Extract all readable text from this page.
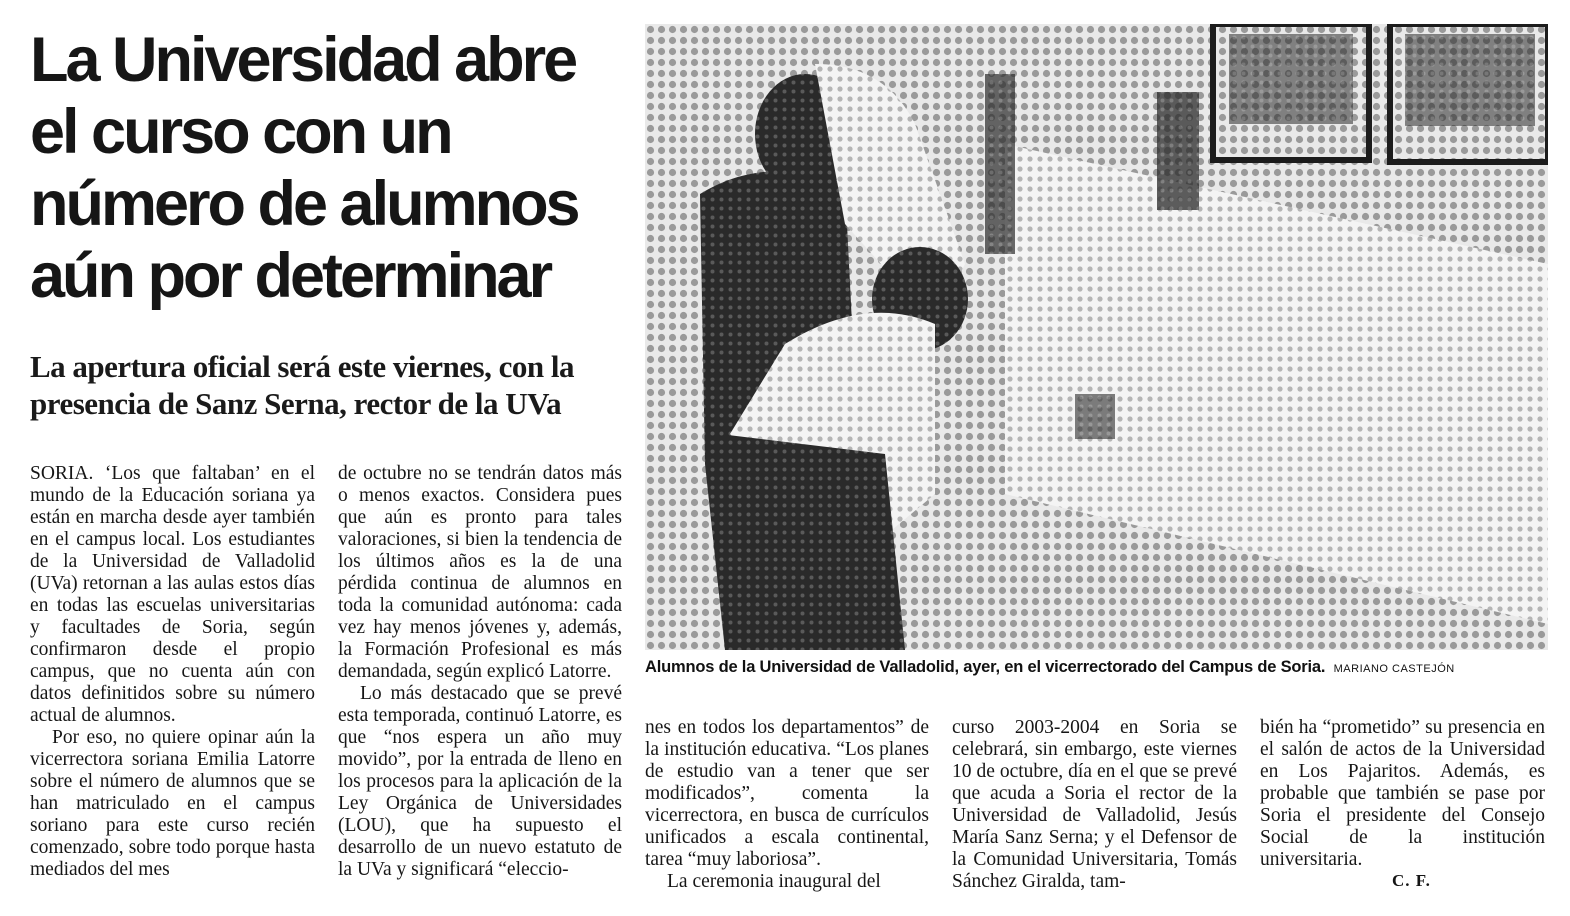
La Universidad abre
el curso con un
número de alumnos
aún por determinar
La apertura oficial será este viernes, con la
presencia de Sanz Serna, rector de la UVa
Alumnos de la Universidad de Valladolid, ayer, en el vicerrectorado del Campus de Soria. MARIANO CASTEJÓN

SORIA. ‘Los que faltaban’ en el mundo de la Educación soriana ya están en marcha desde ayer también en el campus local. Los estudiantes de la Universidad de Valladolid (UVa) retornan a las aulas estos días en todas las escuelas universitarias y facultades de Soria, según confirmaron desde el propio campus, que no cuenta aún con datos definitidos sobre su número actual de alumnos.

Por eso, no quiere opinar aún la vicerrectora soriana Emilia Latorre sobre el número de alumnos que se han matriculado en el campus soriano para este curso recién comenzado, sobre todo porque hasta mediados del mes

de octubre no se tendrán datos más o menos exactos. Considera pues que aún es pronto para tales valoraciones, si bien la tendencia de los últimos años es la de una pérdida continua de alumnos en toda la comunidad autónoma: cada vez hay menos jóvenes y, además, la Formación Profesional es más demandada, según explicó Latorre.

Lo más destacado que se prevé esta temporada, continuó Latorre, es que “nos espera un año muy movido”, por la entrada de lleno en los procesos para la aplicación de la Ley Orgánica de Universidades (LOU), que ha supuesto el desarrollo de un nuevo estatuto de la UVa y significará “eleccio-

nes en todos los departamentos” de la institución educativa. “Los planes de estudio van a tener que ser modificados”, comenta la vicerrectora, en busca de currículos unificados a escala continental, tarea “muy laboriosa”.

La ceremonia inaugural del

curso 2003-2004 en Soria se celebrará, sin embargo, este viernes 10 de octubre, día en el que se prevé que acuda a Soria el rector de la Universidad de Valladolid, Jesús María Sanz Serna; y el Defensor de la Comunidad Universitaria, Tomás Sánchez Giralda, tam-

bién ha “prometido” su presencia en el salón de actos de la Universidad en Los Pajaritos. Además, es probable que también se pase por Soria el presidente del Consejo Social de la institución universitaria.

C. F.
